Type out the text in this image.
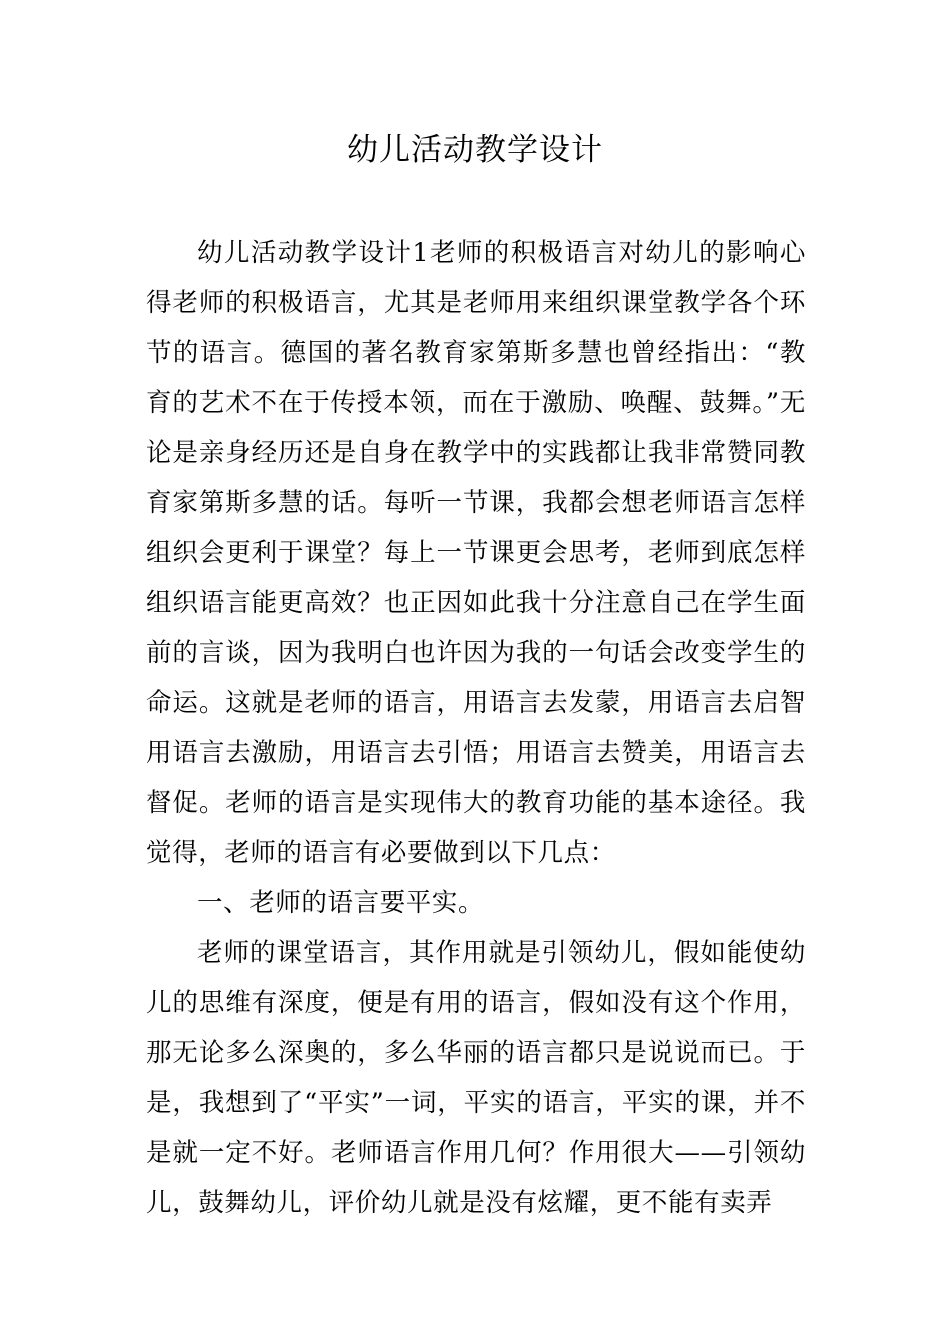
幼儿活动教学设计

幼儿活动教学设计1老师的积极语言对幼儿的影响心得老师的积极语言，尤其是老师用来组织课堂教学各个环节的语言。德国的著名教育家第斯多慧也曾经指出：“教育的艺术不在于传授本领，而在于激励、唤醒、鼓舞。”无论是亲身经历还是自身在教学中的实践都让我非常赞同教育家第斯多慧的话。每听一节课，我都会想老师语言怎样组织会更利于课堂？每上一节课更会思考，老师到底怎样组织语言能更高效？也正因如此我十分注意自己在学生面前的言谈，因为我明白也许因为我的一句话会改变学生的命运。这就是老师的语言，用语言去发蒙，用语言去启智用语言去激励，用语言去引悟；用语言去赞美，用语言去督促。老师的语言是实现伟大的教育功能的基本途径。我觉得，老师的语言有必要做到以下几点：

一、老师的语言要平实。

老师的课堂语言，其作用就是引领幼儿，假如能使幼儿的思维有深度，便是有用的语言，假如没有这个作用，那无论多么深奥的，多么华丽的语言都只是说说而已。于是，我想到了“平实”一词，平实的语言，平实的课，并不是就一定不好。老师语言作用几何？作用很大——引领幼儿，鼓舞幼儿，评价幼儿就是没有炫耀，更不能有卖弄
